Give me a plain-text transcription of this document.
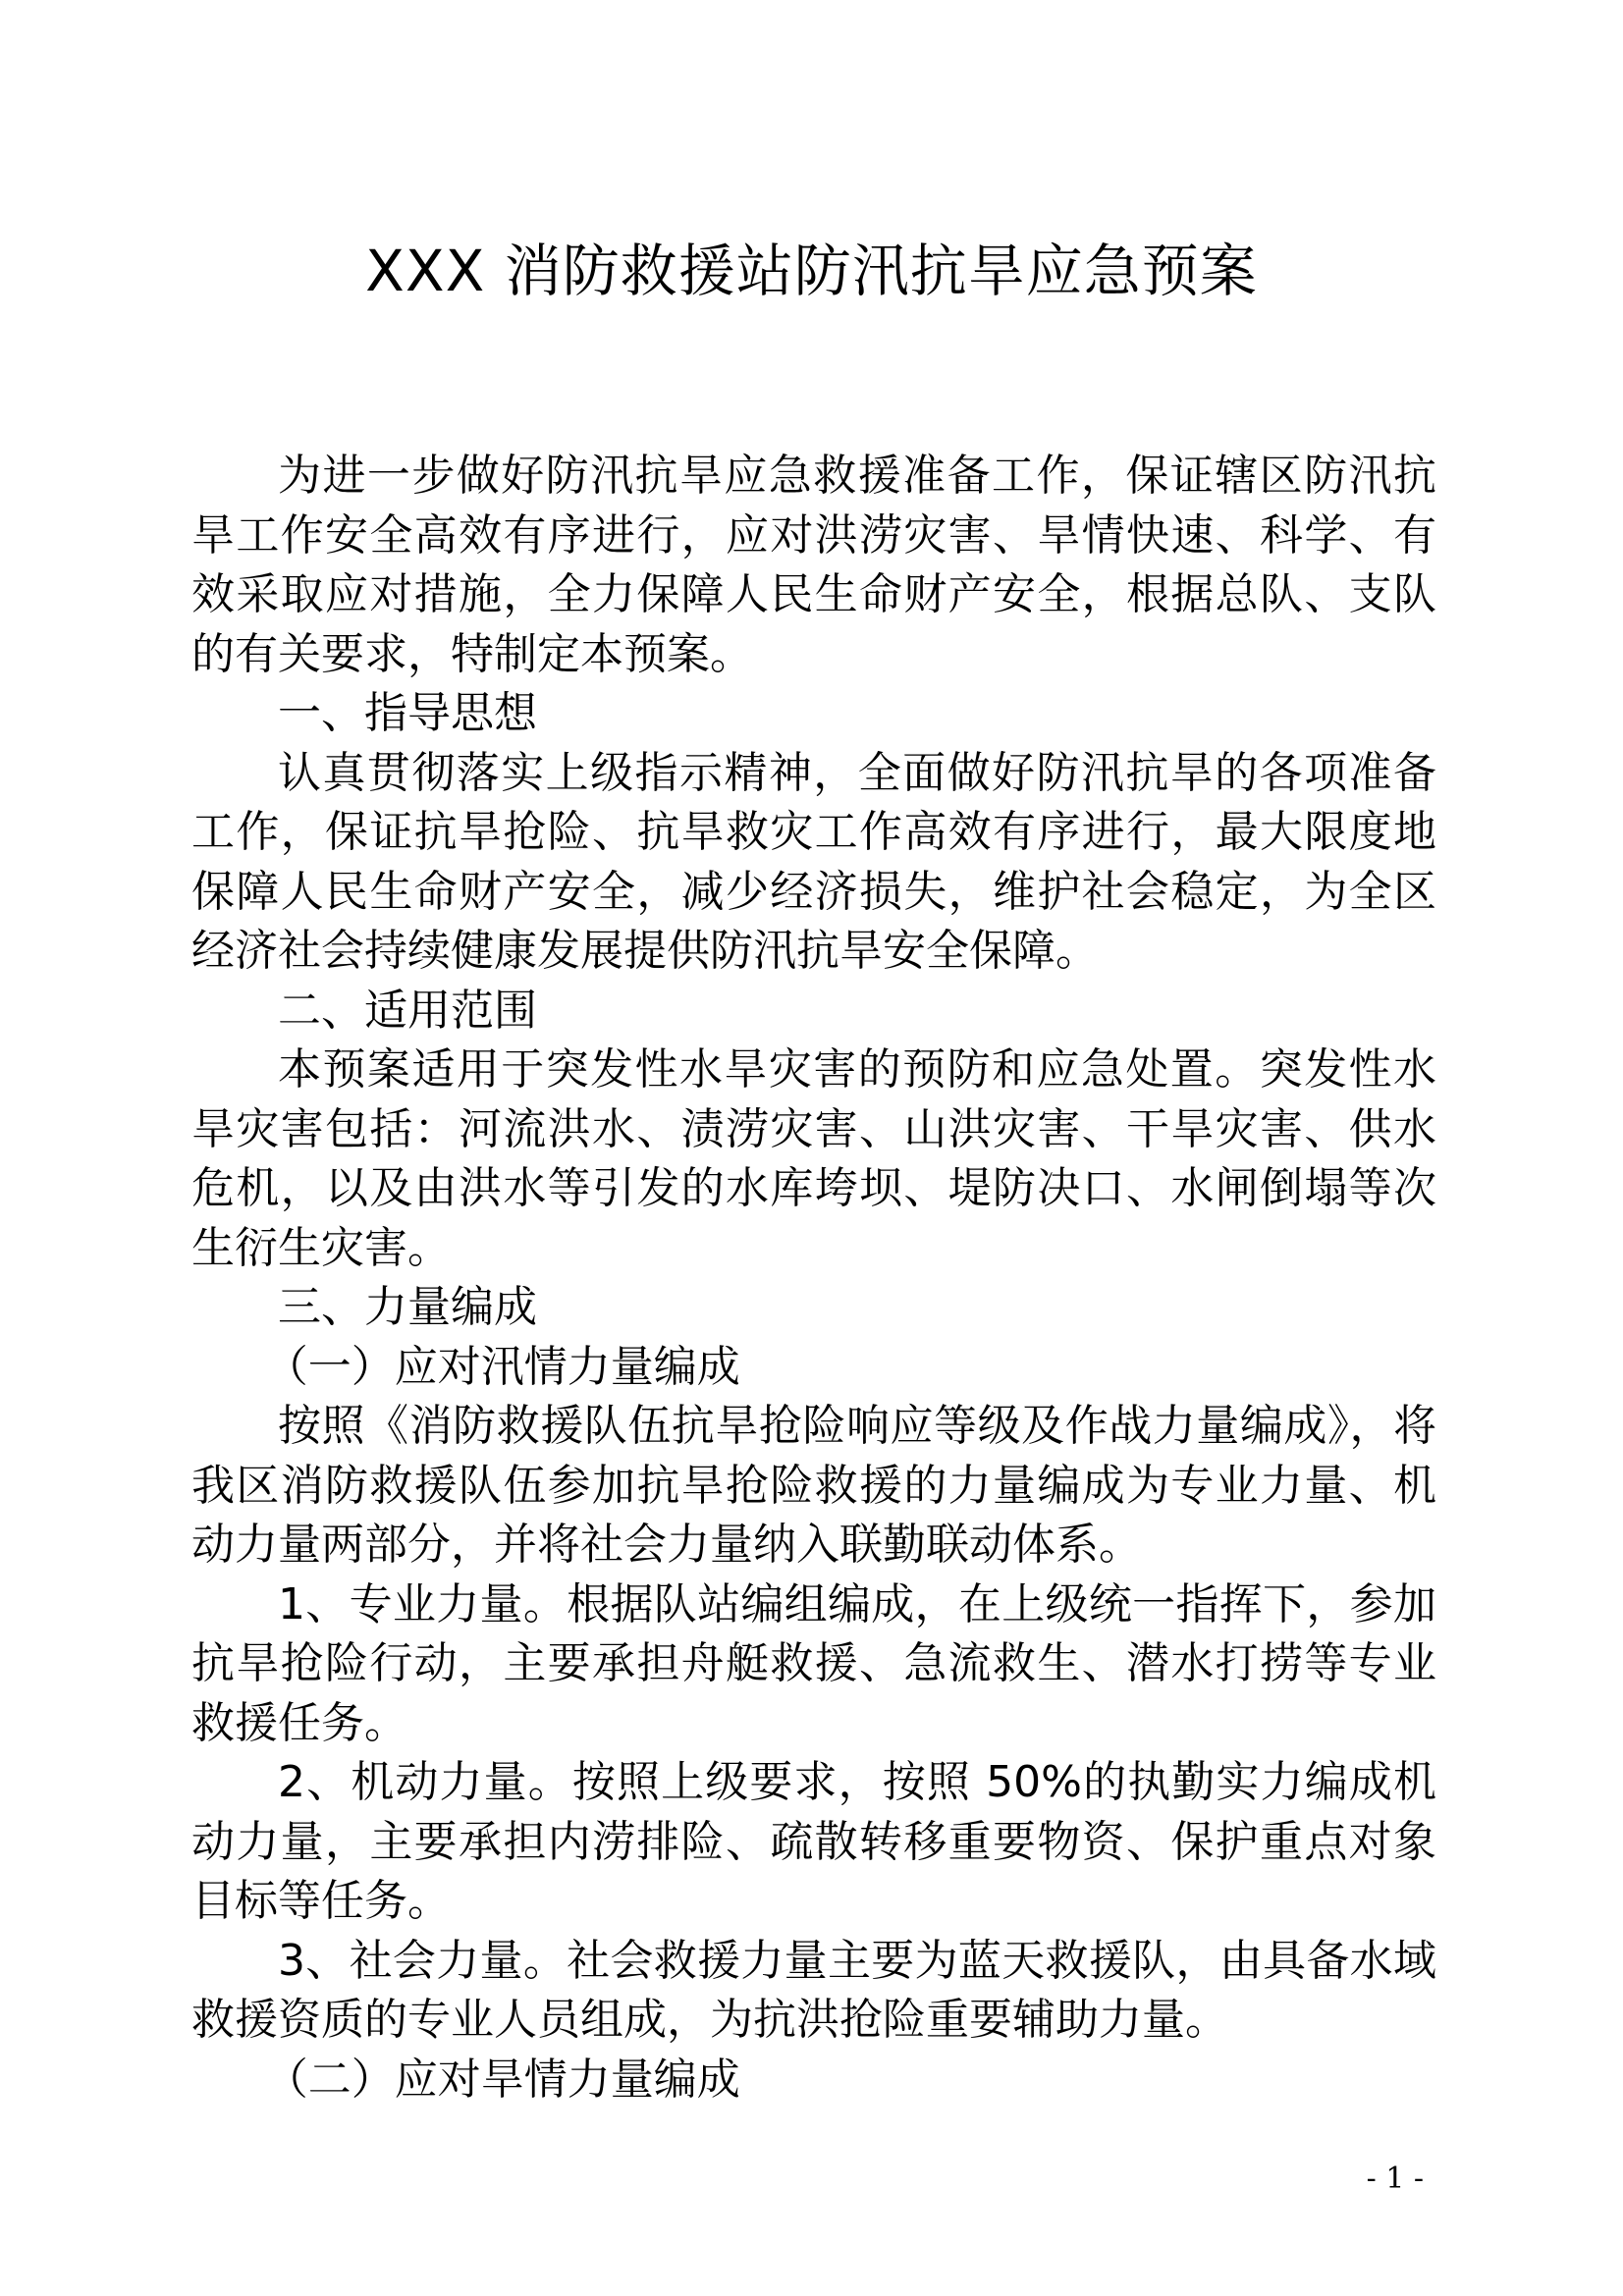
XXX 消防救援站防汛抗旱应急预案

为进一步做好防汛抗旱应急救援准备工作，保证辖区防汛抗旱工作安全高效有序进行，应对洪涝灾害、旱情快速、科学、有效采取应对措施，全力保障人民生命财产安全，根据总队、支队的有关要求，特制定本预案。

一、指导思想

认真贯彻落实上级指示精神，全面做好防汛抗旱的各项准备工作，保证抗旱抢险、抗旱救灾工作高效有序进行，最大限度地保障人民生命财产安全，减少经济损失，维护社会稳定，为全区经济社会持续健康发展提供防汛抗旱安全保障。

二、适用范围

本预案适用于突发性水旱灾害的预防和应急处置。突发性水旱灾害包括：河流洪水、渍涝灾害、山洪灾害、干旱灾害、供水危机，以及由洪水等引发的水库垮坝、堤防决口、水闸倒塌等次生衍生灾害。

三、力量编成

（一）应对汛情力量编成

按照《消防救援队伍抗旱抢险响应等级及作战力量编成》，将我区消防救援队伍参加抗旱抢险救援的力量编成为专业力量、机动力量两部分，并将社会力量纳入联勤联动体系。

1、专业力量。根据队站编组编成，在上级统一指挥下，参加抗旱抢险行动，主要承担舟艇救援、急流救生、潜水打捞等专业救援任务。

2、机动力量。按照上级要求，按照 50%的执勤实力编成机动力量，主要承担内涝排险、疏散转移重要物资、保护重点对象目标等任务。

3、社会力量。社会救援力量主要为蓝天救援队，由具备水域救援资质的专业人员组成，为抗洪抢险重要辅助力量。

（二）应对旱情力量编成

- 1 -
